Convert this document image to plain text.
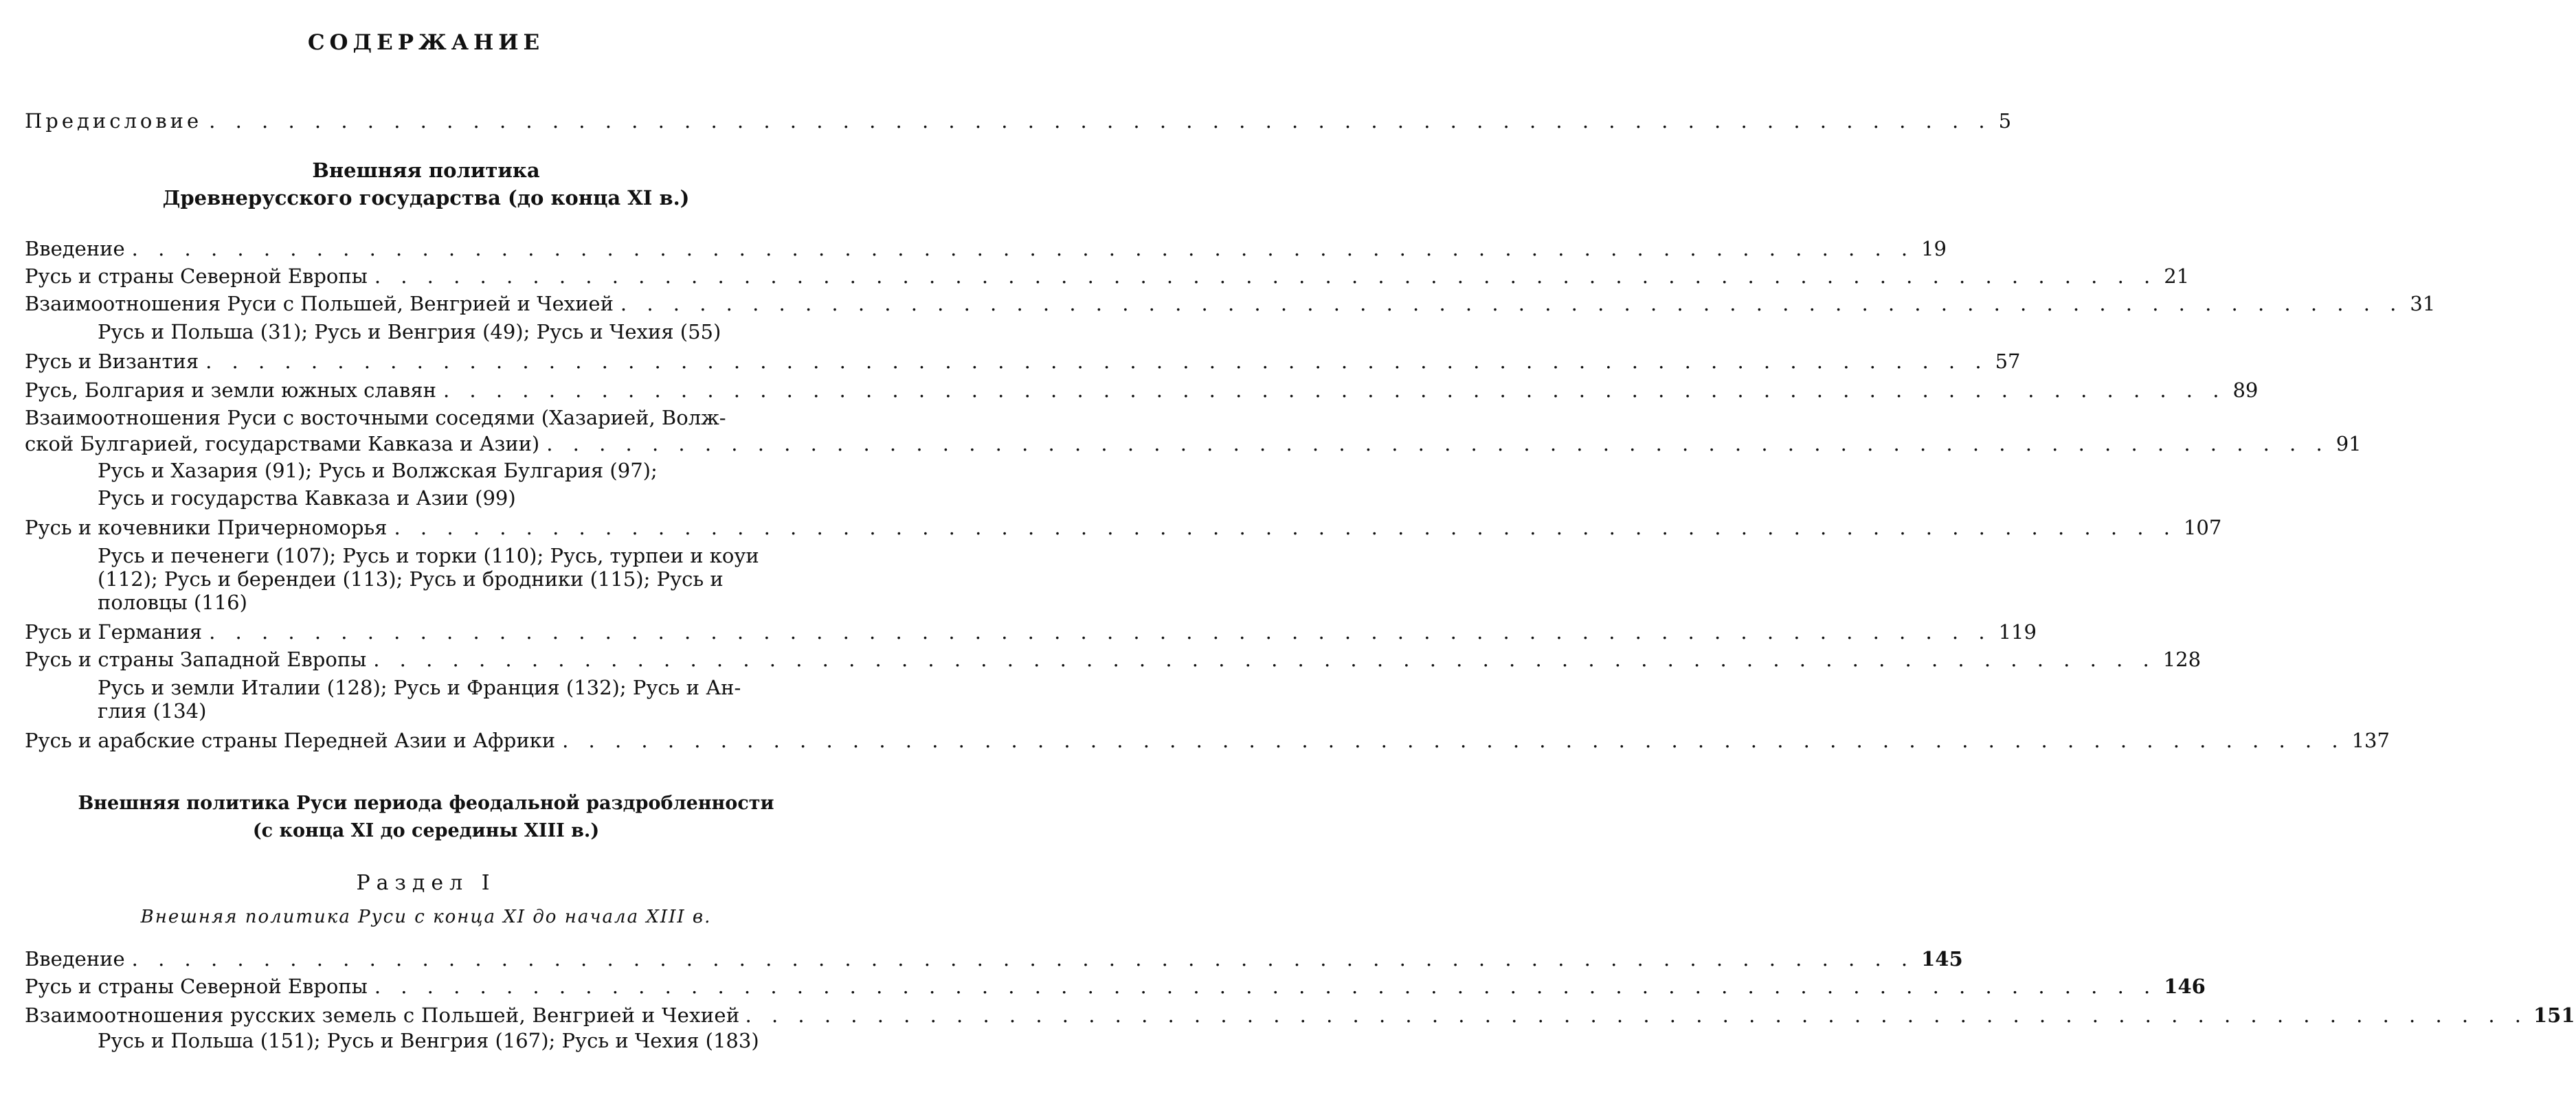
СОДЕРЖАНИЕ
Предисловие . . .	5
Внешняя политика
Древнерусского государства (до конца XI в.)
Введение . . .	19
Русь и страны Северной Европы . . .	21
Взаимоотношения Руси с Польшей, Венгрией и Чехией . . .	31
Русь и Польша (31); Русь и Венгрия (49); Русь и Чехия (55)
Русь и Византия . . .	57
Русь, Болгария и земли южных славян . . .	89
Взаимоотношения Руси с восточными соседями (Хазарией, Волж-
ской Булгарией, государствами Кавказа и Азии) . . .	91
Русь и Хазария (91); Русь и Волжская Булгария (97);
Русь и государства Кавказа и Азии (99)
Русь и кочевники Причерноморья . . .	107
Русь и печенеги (107); Русь и торки (110); Русь, турпеи и коуи
(112); Русь и берендеи (113); Русь и бродники (115); Русь и
половцы (116)
Русь и Германия . . .	119
Русь и страны Западной Европы . . .	128
Русь и земли Италии (128); Русь и Франция (132); Русь и Ан-
глия (134)
Русь и арабские страны Передней Азии и Африки . . .	137
Внешняя политика Руси периода феодальной раздробленности
(с конца XI до середины XIII в.)
Раздел I
Внешняя политика Руси с конца XI до начала XIII в.
Введение . . .	145
Русь и страны Северной Европы . . .	146
Взаимоотношения русских земель с Польшей, Венгрией и Чехией . . .	151
Русь и Польша (151); Русь и Венгрия (167); Русь и Чехия (183)
